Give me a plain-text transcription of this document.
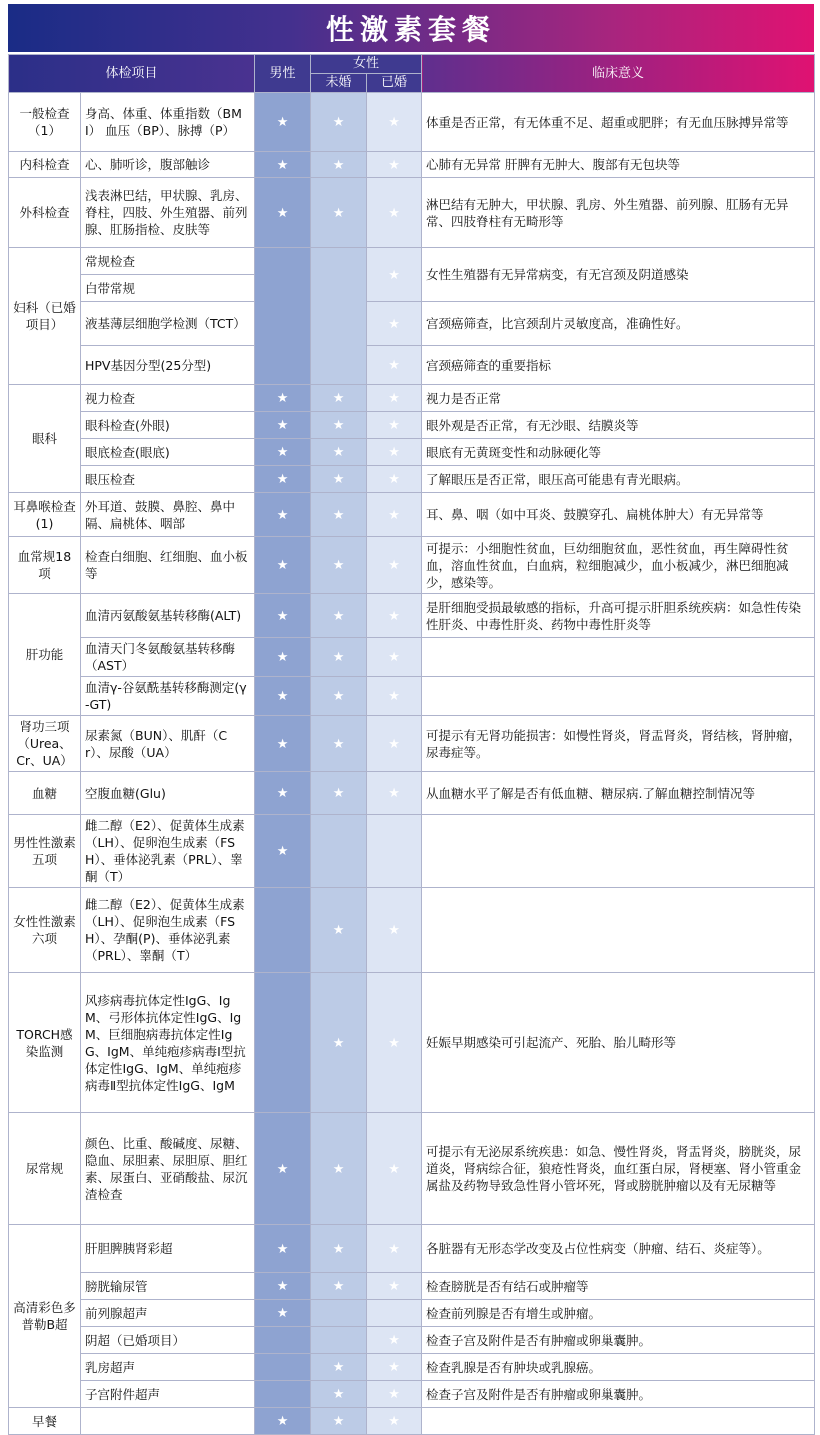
性激素套餐
体检项目		男性	女性		临床意义
			未婚	已婚	
一般检查（1）	身高、体重、体重指数（BMI） 血压（BP）、脉搏（P）	★	★	★	体重是否正常，有无体重不足、超重或肥胖；有无血压脉搏异常等
内科检查	心、肺听诊，腹部触诊	★	★	★	心肺有无异常 肝脾有无肿大、腹部有无包块等
外科检查	浅表淋巴结，甲状腺、乳房、脊柱，四肢、外生殖器、前列腺、肛肠指检、皮肤等	★	★	★	淋巴结有无肿大，甲状腺、乳房、外生殖器、前列腺、肛肠有无异常、四肢脊柱有无畸形等
妇科（已婚项目）	常规检查			★	女性生殖器有无异常病变，有无宫颈及阴道感染
	白带常规				
	液基薄层细胞学检测（TCT）			★	宫颈癌筛查，比宫颈刮片灵敏度高，准确性好。
	HPV基因分型(25分型)			★	宫颈癌筛查的重要指标
眼科	视力检查	★	★	★	视力是否正常
	眼科检查(外眼)	★	★	★	眼外观是否正常，有无沙眼、结膜炎等
	眼底检查(眼底)	★	★	★	眼底有无黄斑变性和动脉硬化等
	眼压检查	★	★	★	了解眼压是否正常，眼压高可能患有青光眼病。
耳鼻喉检查(1)	外耳道、鼓膜、鼻腔、鼻中隔、扁桃体、咽部	★	★	★	耳、鼻、咽（如中耳炎、鼓膜穿孔、扁桃体肿大）有无异常等
血常规18项	检查白细胞、红细胞、血小板等	★	★	★	可提示：小细胞性贫血，巨幼细胞贫血，恶性贫血，再生障碍性贫血，溶血性贫血，白血病，粒细胞减少，血小板减少，淋巴细胞减少，感染等。
肝功能	血清丙氨酸氨基转移酶(ALT)	★	★	★	是肝细胞受损最敏感的指标，升高可提示肝胆系统疾病：如急性传染性肝炎、中毒性肝炎、药物中毒性肝炎等
	血清天门冬氨酸氨基转移酶（AST）	★	★	★	
	血清γ-谷氨酰基转移酶测定(γ-GT)	★	★	★	
肾功三项（Urea、Cr、UA）	尿素氮（BUN）、肌酐（Cr）、尿酸（UA）	★	★	★	可提示有无肾功能损害：如慢性肾炎，肾盂肾炎，肾结核，肾肿瘤，尿毒症等。
血糖	空腹血糖(Glu)	★	★	★	从血糖水平了解是否有低血糖、糖尿病.了解血糖控制情况等
男性性激素五项	雌二醇（E2）、促黄体生成素（LH）、促卵泡生成素（FSH）、垂体泌乳素（PRL）、睾酮（T）	★			
女性性激素六项	雌二醇（E2）、促黄体生成素（LH）、促卵泡生成素（FSH）、孕酮(P)、垂体泌乳素（PRL）、睾酮（T）		★	★	
TORCH感染监测	风疹病毒抗体定性IgG、IgM、弓形体抗体定性IgG、IgM、巨细胞病毒抗体定性IgG、IgM、单纯疱疹病毒Ⅰ型抗体定性IgG、IgM、单纯疱疹病毒Ⅱ型抗体定性IgG、IgM		★	★	妊娠早期感染可引起流产、死胎、胎儿畸形等
尿常规	颜色、比重、酸碱度、尿糖、隐血、尿胆素、尿胆原、胆红素、尿蛋白、亚硝酸盐、尿沉渣检查	★	★	★	可提示有无泌尿系统疾患：如急、慢性肾炎，肾盂肾炎，膀胱炎，尿道炎，肾病综合征，狼疮性肾炎，血红蛋白尿，肾梗塞、肾小管重金属盐及药物导致急性肾小管坏死，肾或膀胱肿瘤以及有无尿糖等
高清彩色多普勒B超	肝胆脾胰肾彩超	★	★	★	各脏器有无形态学改变及占位性病变（肿瘤、结石、炎症等）。
	膀胱输尿管	★	★	★	检查膀胱是否有结石或肿瘤等
	前列腺超声	★			检查前列腺是否有增生或肿瘤。
	阴超（已婚项目）			★	检查子宫及附件是否有肿瘤或卵巢囊肿。
	乳房超声		★	★	检查乳腺是否有肿块或乳腺癌。
	子宫附件超声		★	★	检查子宫及附件是否有肿瘤或卵巢囊肿。
早餐		★	★	★	
